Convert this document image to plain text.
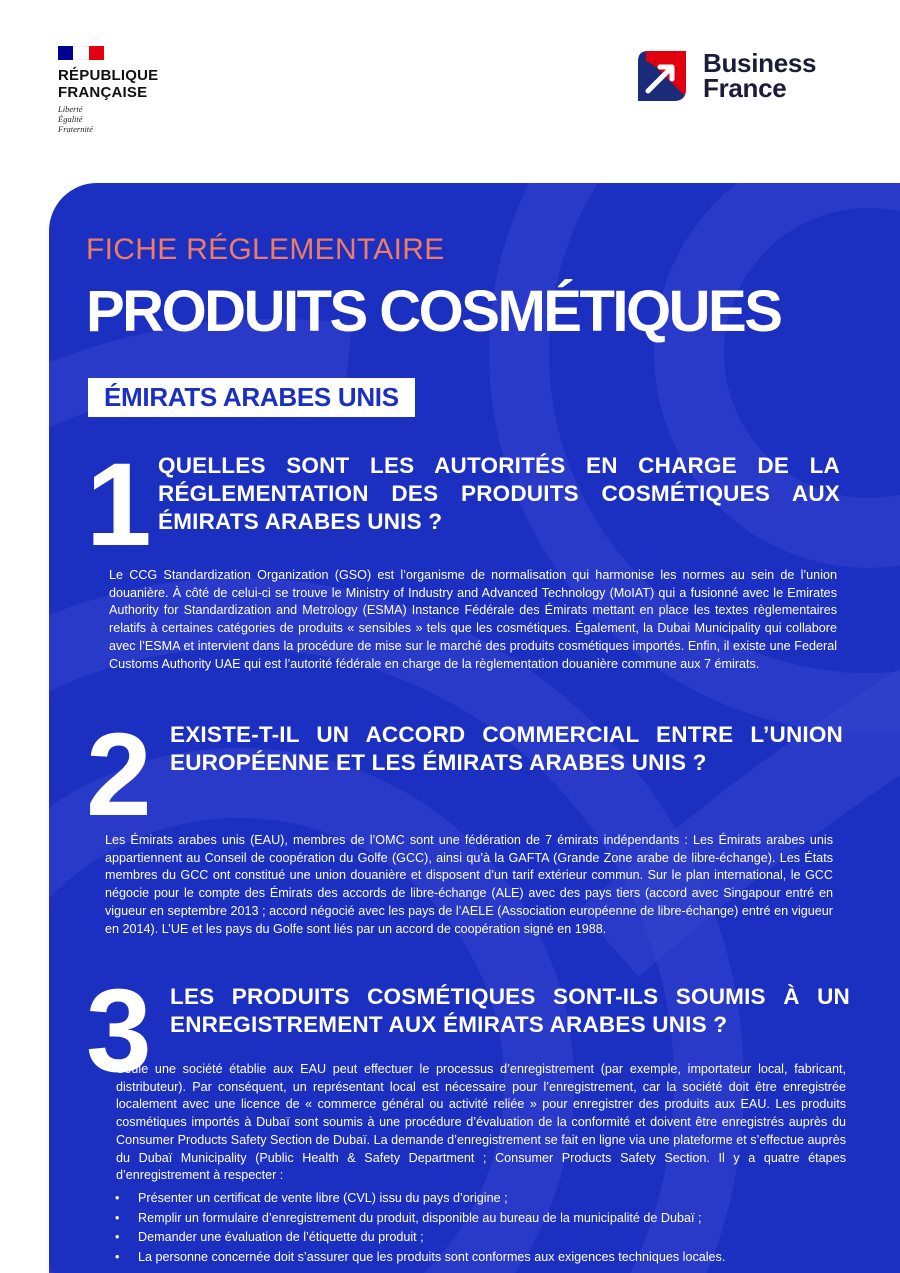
RÉPUBLIQUE
FRANÇAISE
Liberté
Égalité
Fraternité
Business
France
FICHE RÉGLEMENTAIRE
PRODUITS COSMÉTIQUES
ÉMIRATS ARABES UNIS
1 QUELLES SONT LES AUTORITÉS EN CHARGE DE LA RÉGLEMENTATION DES PRODUITS COSMÉTIQUES AUX ÉMIRATS ARABES UNIS ?
Le CCG Standardization Organization (GSO) est l’organisme de normalisation qui harmonise les normes au sein de l’union douanière. À côté de celui-ci se trouve le Ministry of Industry and Advanced Technology (MoIAT) qui a fusionné avec le Emirates Authority for Standardization and Metrology (ESMA) Instance Fédérale des Émirats mettant en place les textes règlementaires relatifs à certaines catégories de produits « sensibles » tels que les cosmétiques. Également, la Dubai Municipality qui collabore avec l’ESMA et intervient dans la procédure de mise sur le marché des produits cosmétiques importés. Enfin, il existe une Federal Customs Authority UAE qui est l’autorité fédérale en charge de la règlementation douanière commune aux 7 émirats.
2 EXISTE-T-IL UN ACCORD COMMERCIAL ENTRE L’UNION EUROPÉENNE ET LES ÉMIRATS ARABES UNIS ?
Les Émirats arabes unis (EAU), membres de l’OMC sont une fédération de 7 émirats indépendants : Les Émirats arabes unis appartiennent au Conseil de coopération du Golfe (GCC), ainsi qu’à la GAFTA (Grande Zone arabe de libre-échange). Les États membres du GCC ont constitué une union douanière et disposent d’un tarif extérieur commun. Sur le plan international, le GCC négocie pour le compte des Émirats des accords de libre-échange (ALE) avec des pays tiers (accord avec Singapour entré en vigueur en septembre 2013 ; accord négocié avec les pays de l’AELE (Association européenne de libre-échange) entré en vigueur en 2014). L’UE et les pays du Golfe sont liés par un accord de coopération signé en 1988.
3 LES PRODUITS COSMÉTIQUES SONT-ILS SOUMIS À UN ENREGISTREMENT AUX ÉMIRATS ARABES UNIS ?
Seule une société établie aux EAU peut effectuer le processus d’enregistrement (par exemple, importateur local, fabricant, distributeur). Par conséquent, un représentant local est nécessaire pour l’enregistrement, car la société doit être enregistrée localement avec une licence de « commerce général ou activité reliée » pour enregistrer des produits aux EAU. Les produits cosmétiques importés à Dubaï sont soumis à une procédure d’évaluation de la conformité et doivent être enregistrés auprès du Consumer Products Safety Section de Dubaï. La demande d’enregistrement se fait en ligne via une plateforme et s’effectue auprès du Dubaï Municipality (Public Health & Safety Department ; Consumer Products Safety Section. Il y a quatre étapes d’enregistrement à respecter :
• Présenter un certificat de vente libre (CVL) issu du pays d’origine ;
• Remplir un formulaire d’enregistrement du produit, disponible au bureau de la municipalité de Dubaï ;
• Demander une évaluation de l’étiquette du produit ;
• La personne concernée doit s’assurer que les produits sont conformes aux exigences techniques locales.
